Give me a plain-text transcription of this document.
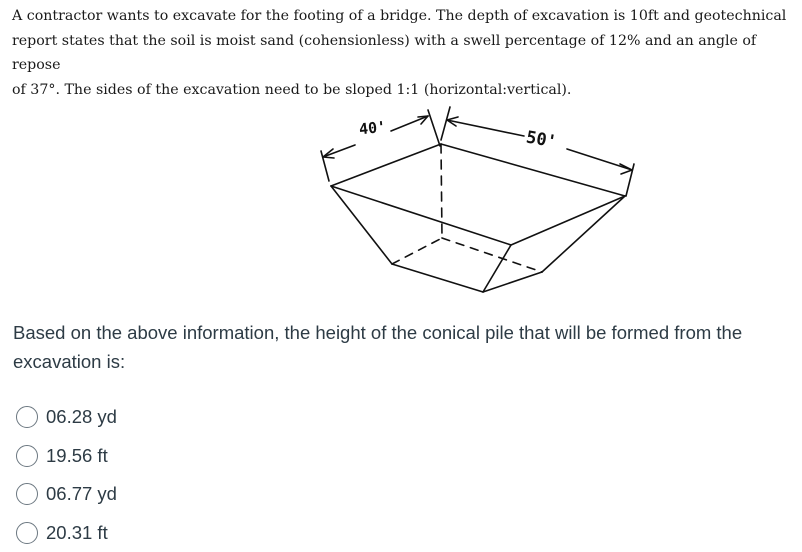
A contractor wants to excavate for the footing of a bridge. The depth of excavation is 10ft and geotechnical

report states that the soil is moist sand (cohensionless) with a swell percentage of 12% and an angle of repose

of 37°. The sides of the excavation need to be sloped 1:1 (horizontal:vertical).

40'	50'
Based on the above information, the height of the conical pile that will be formed from the excavation is:
06.28 yd
19.56 ft
06.77 yd
20.31 ft
